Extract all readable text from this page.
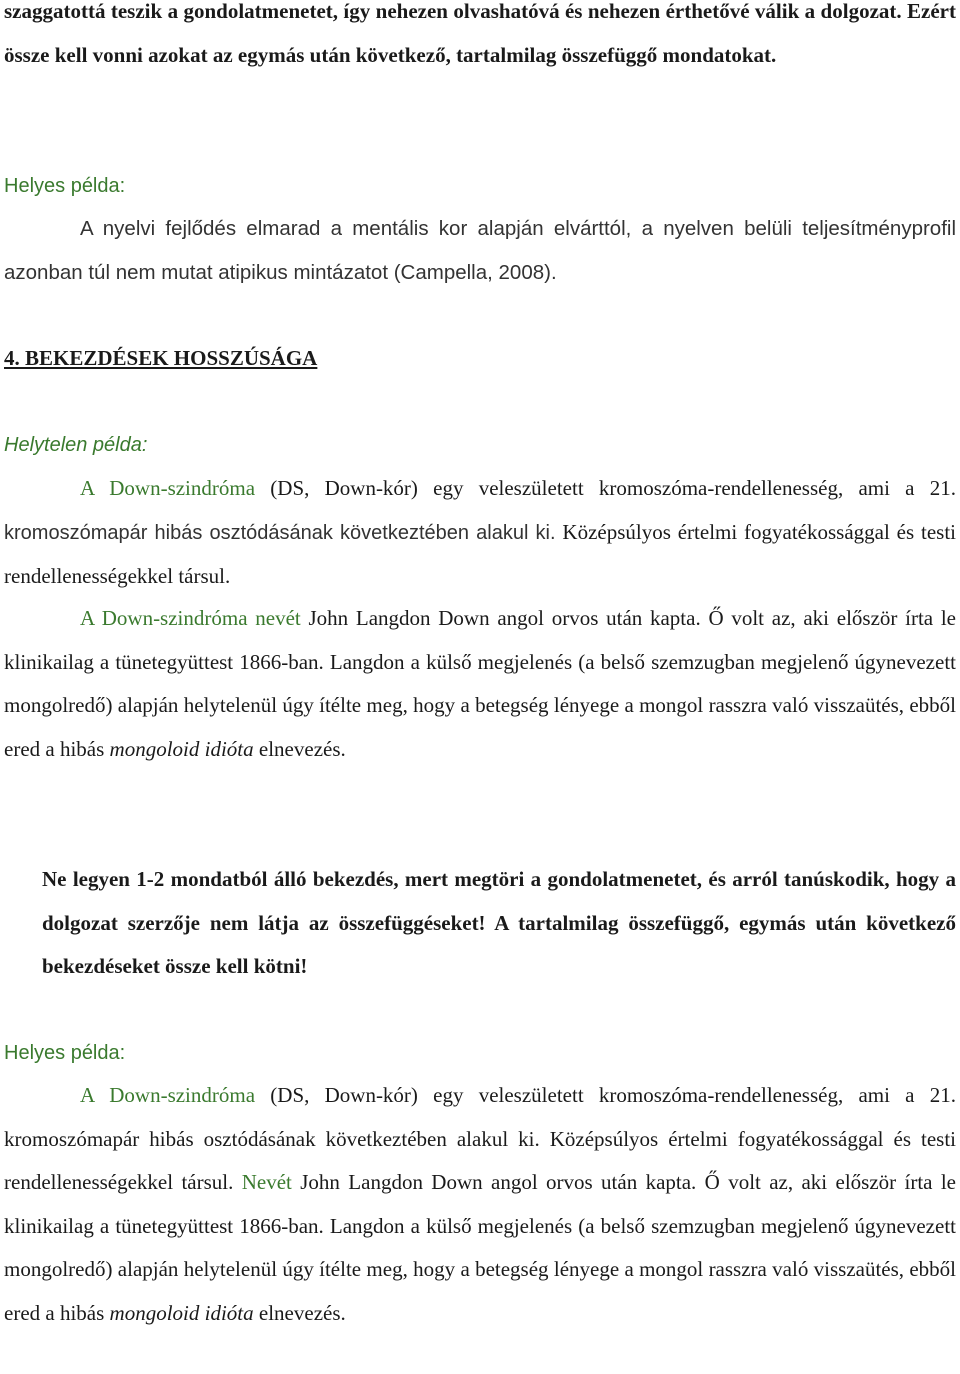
szaggatottá teszik a gondolatmenetet, így nehezen olvashatóvá és nehezen érthetővé válik a dolgozat. Ezért össze kell vonni azokat az egymás után következő, tartalmilag összefüggő mondatokat.

Helyes példa:

A nyelvi fejlődés elmarad a mentális kor alapján elvárttól, a nyelven belüli teljesítményprofil azonban túl nem mutat atipikus mintázatot (Campella, 2008).

4. BEKEZDÉSEK HOSSZÚSÁGA

Helytelen példa:

A Down-szindróma (DS, Down-kór) egy veleszületett kromoszóma-rendellenesség, ami a 21. kromoszómapár hibás osztódásának következtében alakul ki. Középsúlyos értelmi fogyatékossággal és testi rendellenességekkel társul.

A Down-szindróma nevét John Langdon Down angol orvos után kapta. Ő volt az, aki először írta le klinikailag a tünetegyüttest 1866-ban. Langdon a külső megjelenés (a belső szemzugban megjelenő úgynevezett mongolredő) alapján helytelenül úgy ítélte meg, hogy a betegség lényege a mongol rasszra való visszaütés, ebből ered a hibás mongoloid idióta elnevezés.

Ne legyen 1-2 mondatból álló bekezdés, mert megtöri a gondolatmenetet, és arról tanúskodik, hogy a dolgozat szerzője nem látja az összefüggéseket! A tartalmilag összefüggő, egymás után következő bekezdéseket össze kell kötni!

Helyes példa:

A Down-szindróma (DS, Down-kór) egy veleszületett kromoszóma-rendellenesség, ami a 21. kromoszómapár hibás osztódásának következtében alakul ki. Középsúlyos értelmi fogyatékossággal és testi rendellenességekkel társul. Nevét John Langdon Down angol orvos után kapta. Ő volt az, aki először írta le klinikailag a tünetegyüttest 1866-ban. Langdon a külső megjelenés (a belső szemzugban megjelenő úgynevezett mongolredő) alapján helytelenül úgy ítélte meg, hogy a betegség lényege a mongol rasszra való visszaütés, ebből ered a hibás mongoloid idióta elnevezés.
